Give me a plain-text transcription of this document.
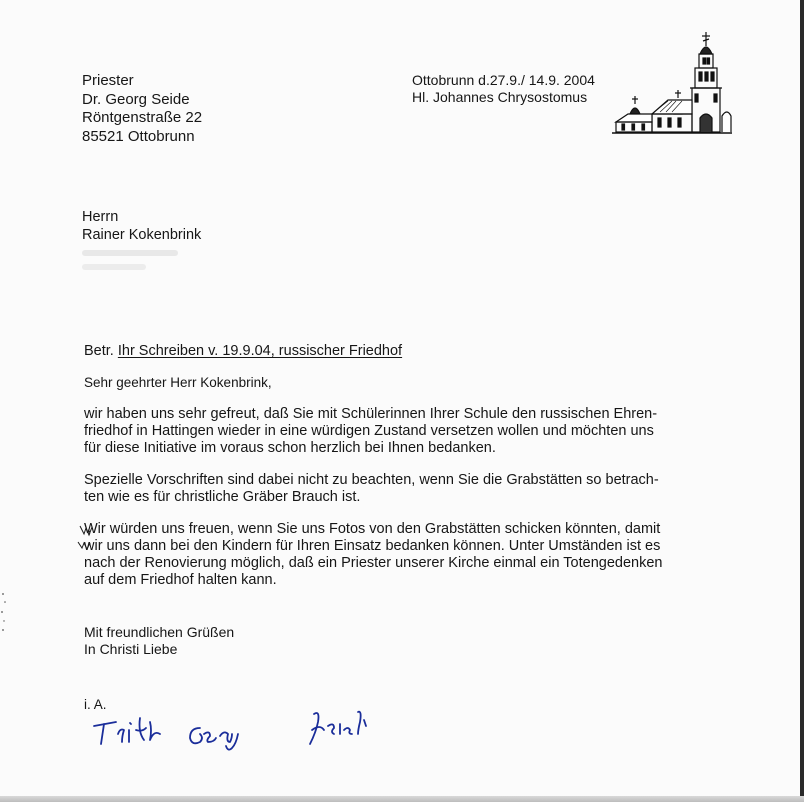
Priester
Dr. Georg Seide
Röntgenstraße 22
85521 Ottobrunn
Ottobrunn d.27.9./ 14.9. 2004
Hl. Johannes Chrysostomus
Herrn
Rainer Kokenbrink
Betr. Ihr Schreiben v. 19.9.04, russischer Friedhof
Sehr geehrter Herr Kokenbrink,
wir haben uns sehr gefreut, daß Sie mit Schülerinnen Ihrer Schule den russischen Ehren-
friedhof in Hattingen wieder in eine würdigen Zustand versetzen wollen und möchten uns
für diese Initiative im voraus schon herzlich bei Ihnen bedanken.
Spezielle Vorschriften sind dabei nicht zu beachten, wenn Sie die Grabstätten so betrach-
ten wie es für christliche Gräber Brauch ist.
Wir würden uns freuen, wenn Sie uns Fotos von den Grabstätten schicken könnten, damit
wir uns dann bei den Kindern für Ihren Einsatz bedanken können. Unter Umständen ist es
nach der Renovierung möglich, daß ein Priester unserer Kirche einmal ein Totengedenken
auf dem Friedhof halten kann.
Mit freundlichen Grüßen
In Christi Liebe
i. A.
